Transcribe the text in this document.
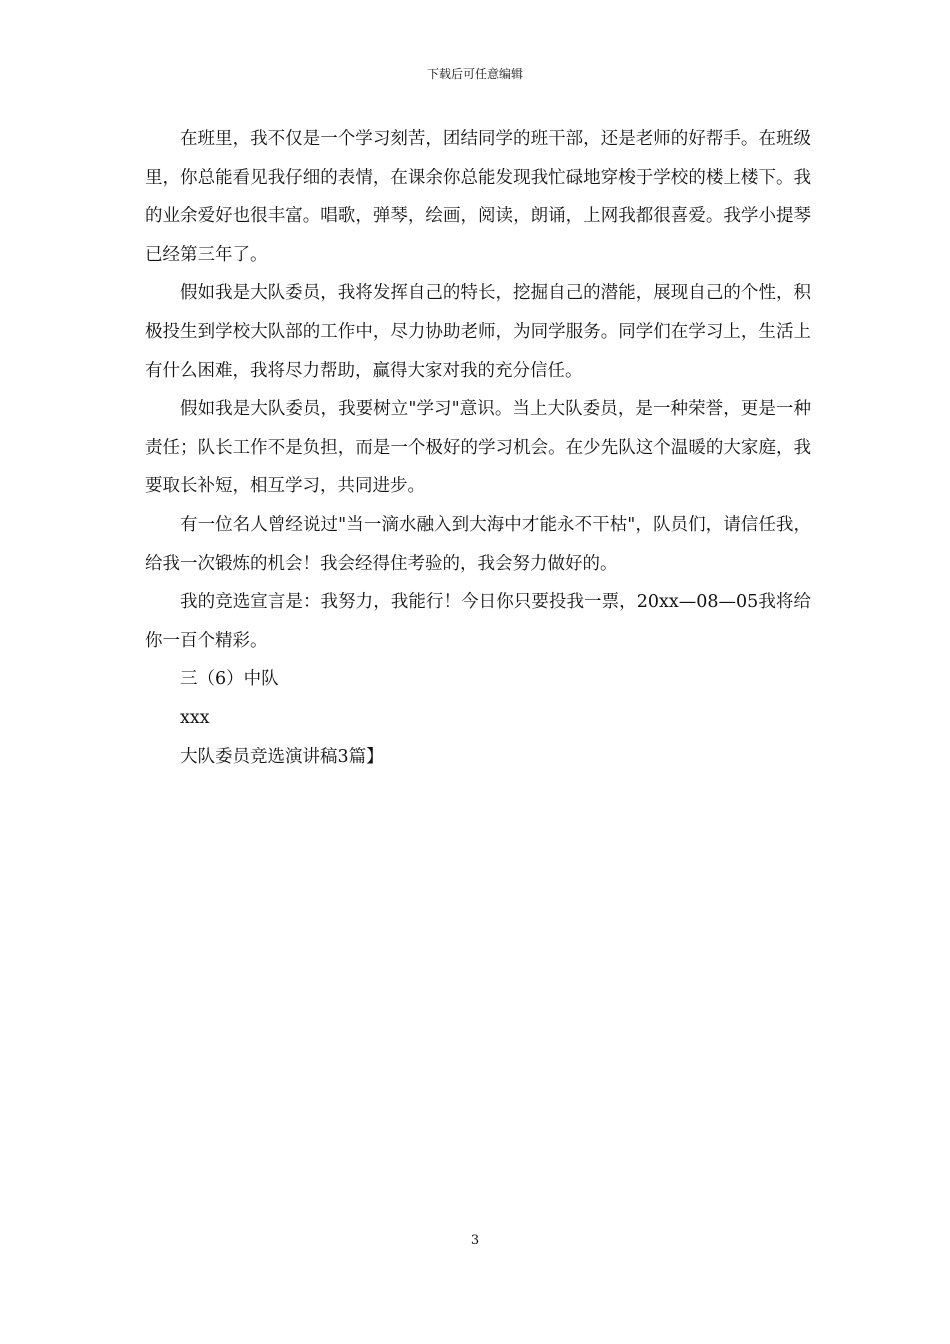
下载后可任意编辑

在班里，我不仅是一个学习刻苦，团结同学的班干部，还是老师的好帮手。在班级里，你总能看见我仔细的表情，在课余你总能发现我忙碌地穿梭于学校的楼上楼下。我的业余爱好也很丰富。唱歌，弹琴，绘画，阅读，朗诵，上网我都很喜爱。我学小提琴已经第三年了。

假如我是大队委员，我将发挥自己的特长，挖掘自己的潜能，展现自己的个性，积极投生到学校大队部的工作中，尽力协助老师，为同学服务。同学们在学习上，生活上有什么困难，我将尽力帮助，赢得大家对我的充分信任。

假如我是大队委员，我要树立"学习"意识。当上大队委员，是一种荣誉，更是一种责任；队长工作不是负担，而是一个极好的学习机会。在少先队这个温暖的大家庭，我要取长补短，相互学习，共同进步。

有一位名人曾经说过"当一滴水融入到大海中才能永不干枯"，队员们，请信任我，给我一次锻炼的机会！我会经得住考验的，我会努力做好的。

我的竞选宣言是：我努力，我能行！今日你只要投我一票，20xx—08—05我将给你一百个精彩。

三（6）中队

xxx

大队委员竞选演讲稿3篇】

3
